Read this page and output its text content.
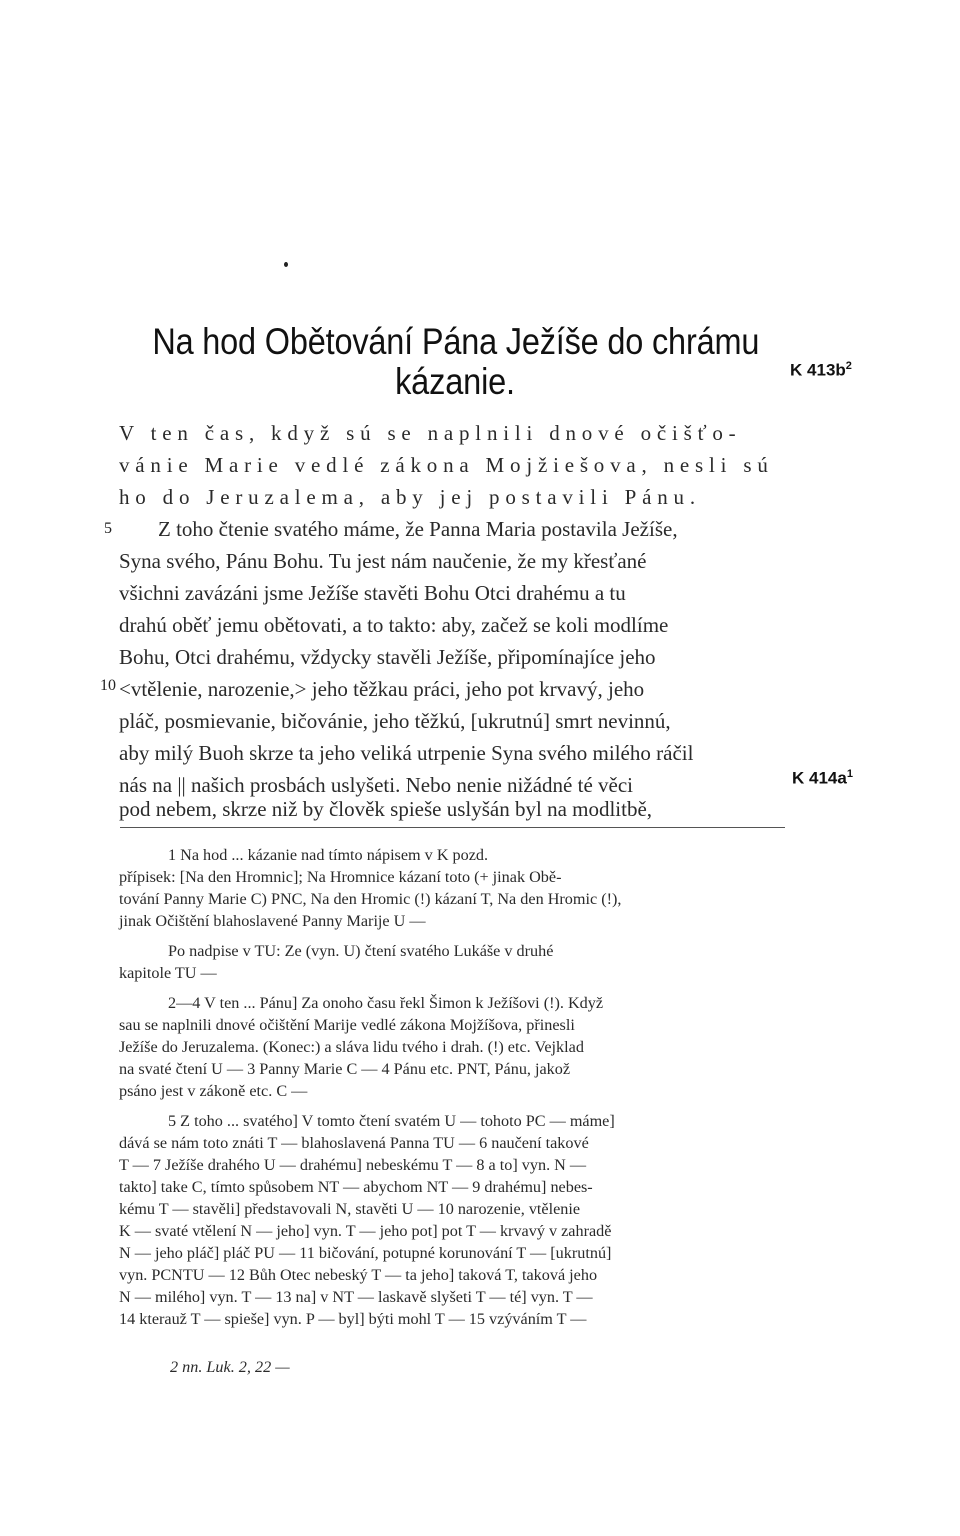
Na hod Obětování Pána Ježíše do chrámu
kázanie.	K $413b^2$
K $414a^1$
V ten čas, když sú se naplnili dnové očišťo-
vánie Marie vedlé zákona Mojžiešova, nesli sú
ho do Jeruzalema, aby jej postavili Pánu.
5
10
Z toho čtenie svatého máme, že Panna Maria postavila Ježíše,
Syna svého, Pánu Bohu. Tu jest nám naučenie, že my křesťané
všichni zavázáni jsme Ježíše stavěti Bohu Otci drahému a tu
drahú oběť jemu obětovati, a to takto: aby, začež se koli modlíme
Bohu, Otci drahému, vždycky stavěli Ježíše, připomínajíce jeho
<vtělenie, narozenie,> jeho těžkau práci, jeho pot krvavý, jeho
pláč, posmievanie, bičovánie, jeho těžkú, [ukrutnú] smrt nevinnú,
aby milý Buoh skrze ta jeho veliká utrpenie Syna svého milého ráčil
nás na || našich prosbách uslyšeti. Nebo nenie nižádné té věci
pod nebem, skrze niž by člověk spieše uslyšán byl na modlitbě,
1 Na hod ... kázanie nad tímto nápisem v K pozd.
přípisek: [Na den Hromnic]; Na Hromnice kázaní toto (+ jinak Obě-
tování Panny Marie C) PNC, Na den Hromic (!) kázaní T, Na den Hromic (!),
jinak Očištění blahoslavené Panny Marije U —
Po nadpise v TU: Ze (vyn. U) čtení svatého Lukáše v druhé
kapitole TU —
2—4 V ten ... Pánu] Za onoho času řekl Šimon k Ježíšovi (!). Když
sau se naplnili dnové očištění Marije vedlé zákona Mojžíšova, přinesli
Ježíše do Jeruzalema. (Konec:) a sláva lidu tvého i drah. (!) etc. Vejklad
na svaté čtení U — 3 Panny Marie C — 4 Pánu etc. PNT, Pánu, jakož
psáno jest v zákoně etc. C —
5 Z toho ... svatého] V tomto čtení svatém U — tohoto PC — máme]
dává se nám toto znáti T — blahoslavená Panna TU — 6 naučení takové
T — 7 Ježíše drahého U — drahému] nebeskému T — 8 a to] vyn. N —
takto] take C, tímto spůsobem NT — abychom NT — 9 drahému] nebes-
kému T — stavěli] představovali N, stavěti U — 10 narozenie, vtělenie
K — svaté vtělení N — jeho] vyn. T — jeho pot] pot T — krvavý v zahradě
N — jeho pláč] pláč PU — 11 bičování, potupné korunování T — [ukrutnú]
vyn. PCNTU — 12 Bůh Otec nebeský T — ta jeho] taková T, taková jeho
N — milého] vyn. T — 13 na] v NT — laskavě slyšeti T — té] vyn. T —
14 kterauž T — spieše] vyn. P — byl] býti mohl T — 15 vzýváním T —
2 nn. Luk. 2, 22 —
